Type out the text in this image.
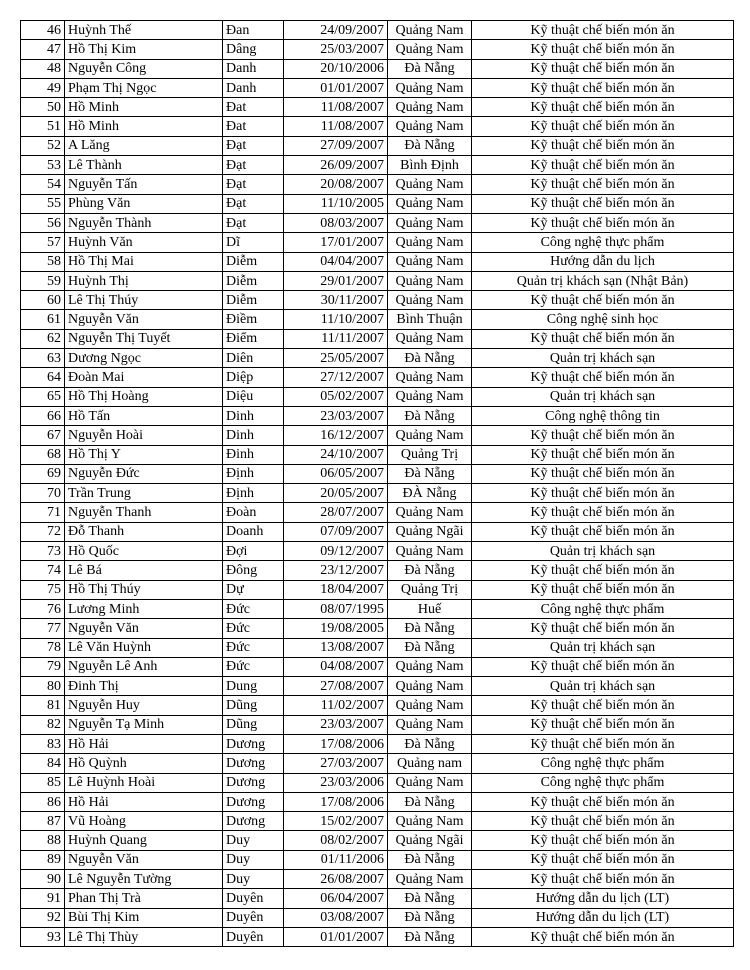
46	Huỳnh Thế	Đan	24/09/2007	Quảng Nam	Kỹ thuật chế biến món ăn
47	Hồ Thị Kim	Dâng	25/03/2007	Quảng Nam	Kỹ thuật chế biến món ăn
48	Nguyễn Công	Danh	20/10/2006	Đà Nẵng	Kỹ thuật chế biến món ăn
49	Phạm Thị Ngọc	Danh	01/01/2007	Quảng Nam	Kỹ thuật chế biến món ăn
50	Hồ Minh	Đat	11/08/2007	Quảng Nam	Kỹ thuật chế biến món ăn
51	Hồ Minh	Đat	11/08/2007	Quảng Nam	Kỹ thuật chế biến món ăn
52	A Lăng	Đạt	27/09/2007	Đà Nẵng	Kỹ thuật chế biến món ăn
53	Lê Thành	Đạt	26/09/2007	Bình Định	Kỹ thuật chế biến món ăn
54	Nguyễn Tấn	Đạt	20/08/2007	Quảng Nam	Kỹ thuật chế biến món ăn
55	Phùng Văn	Đạt	11/10/2005	Quảng Nam	Kỹ thuật chế biến món ăn
56	Nguyễn Thành	Đạt	08/03/2007	Quảng Nam	Kỹ thuật chế biến món ăn
57	Huỳnh Văn	Dĩ	17/01/2007	Quảng Nam	Công nghệ thực phẩm
58	Hồ Thị Mai	Diễm	04/04/2007	Quảng Nam	Hướng dẫn du lịch
59	Huỳnh Thị	Diễm	29/01/2007	Quảng Nam	Quản trị khách sạn (Nhật Bản)
60	Lê Thị Thúy	Diễm	30/11/2007	Quảng Nam	Kỹ thuật chế biến món ăn
61	Nguyễn Văn	Điềm	11/10/2007	Bình Thuận	Công nghệ sinh học
62	Nguyễn Thị Tuyết	Điểm	11/11/2007	Quảng Nam	Kỹ thuật chế biến món ăn
63	Dương Ngọc	Diên	25/05/2007	Đà Nẵng	Quản trị khách sạn
64	Đoàn Mai	Diệp	27/12/2007	Quảng Nam	Kỹ thuật chế biến món ăn
65	Hồ Thị Hoàng	Diệu	05/02/2007	Quảng Nam	Quản trị khách sạn
66	Hồ Tấn	Dinh	23/03/2007	Đà Nẵng	Công nghệ thông tin
67	Nguyễn Hoài	Dinh	16/12/2007	Quảng Nam	Kỹ thuật chế biến món ăn
68	Hồ Thị Y	Đinh	24/10/2007	Quảng Trị	Kỹ thuật chế biến món ăn
69	Nguyễn Đức	Định	06/05/2007	Đà Nẵng	Kỹ thuật chế biến món ăn
70	Trần Trung	Định	20/05/2007	ĐÀ Nẵng	Kỹ thuật chế biến món ăn
71	Nguyễn Thanh	Đoàn	28/07/2007	Quảng Nam	Kỹ thuật chế biến món ăn
72	Đỗ Thanh	Doanh	07/09/2007	Quảng Ngãi	Kỹ thuật chế biến món ăn
73	Hồ Quốc	Đợi	09/12/2007	Quảng Nam	Quản trị khách sạn
74	Lê Bá	Đông	23/12/2007	Đà Nẵng	Kỹ thuật chế biến món ăn
75	Hồ Thị Thúy	Dự	18/04/2007	Quảng Trị	Kỹ thuật chế biến món ăn
76	Lương Minh	Đức	08/07/1995	Huế	Công nghệ thực phẩm
77	Nguyễn Văn	Đức	19/08/2005	Đà Nẵng	Kỹ thuật chế biến món ăn
78	Lê Văn Huỳnh	Đức	13/08/2007	Đà Nẵng	Quản trị khách sạn
79	Nguyễn Lê Anh	Đức	04/08/2007	Quảng Nam	Kỹ thuật chế biến món ăn
80	Đinh Thị	Dung	27/08/2007	Quảng Nam	Quản trị khách sạn
81	Nguyễn Huy	Dũng	11/02/2007	Quảng Nam	Kỹ thuật chế biến món ăn
82	Nguyễn Tạ Minh	Dũng	23/03/2007	Quảng Nam	Kỹ thuật chế biến món ăn
83	Hồ Hải	Dương	17/08/2006	Đà Nẵng	Kỹ thuật chế biến món ăn
84	Hồ Quỳnh	Dương	27/03/2007	Quảng nam	Công nghệ thực phẩm
85	Lê Huỳnh Hoài	Dương	23/03/2006	Quảng Nam	Công nghệ thực phẩm
86	Hồ Hải	Dương	17/08/2006	Đà Nẵng	Kỹ thuật chế biến món ăn
87	Vũ Hoàng	Dương	15/02/2007	Quảng Nam	Kỹ thuật chế biến món ăn
88	Huỳnh Quang	Duy	08/02/2007	Quảng Ngãi	Kỹ thuật chế biến món ăn
89	Nguyễn Văn	Duy	01/11/2006	Đà Nẵng	Kỹ thuật chế biến món ăn
90	Lê Nguyễn Tường	Duy	26/08/2007	Quảng Nam	Kỹ thuật chế biến món ăn
91	Phan Thị Trà	Duyên	06/04/2007	Đà Nẵng	Hướng dẫn du lịch (LT)
92	Bùi Thị Kim	Duyên	03/08/2007	Đà Nẵng	Hướng dẫn du lịch (LT)
93	Lê Thị Thùy	Duyên	01/01/2007	Đà Nẵng	Kỹ thuật chế biến món ăn
